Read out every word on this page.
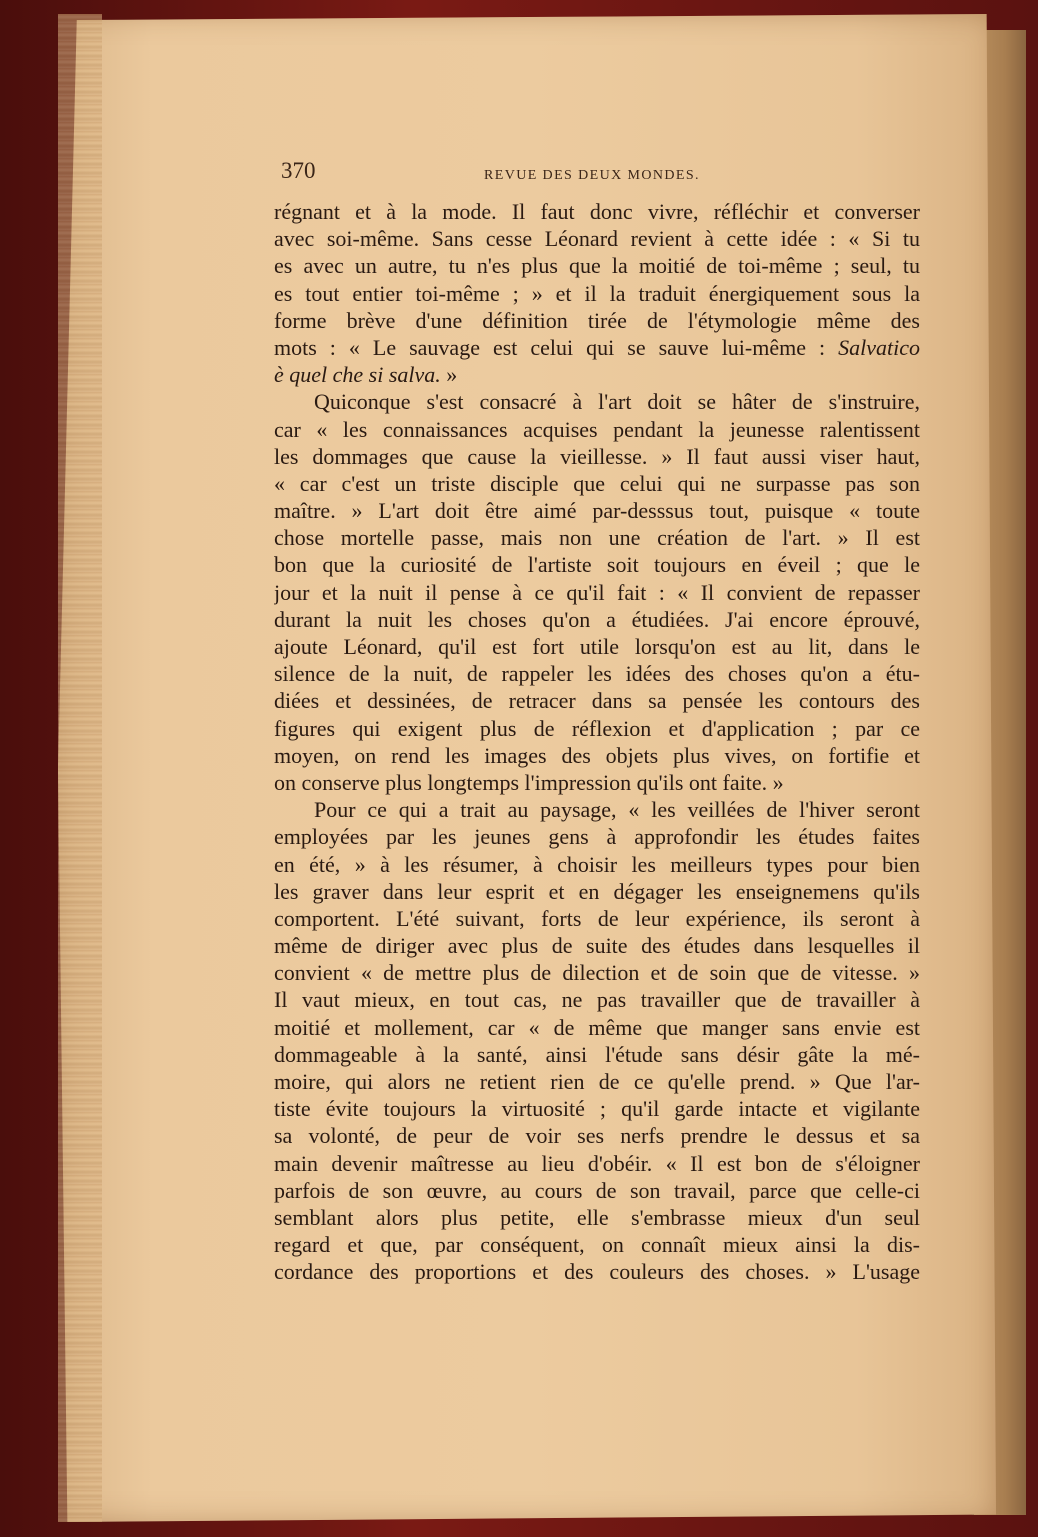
370	REVUE DES DEUX MONDES.
régnant et à la mode. Il faut donc vivre, réfléchir et converser
avec soi-même. Sans cesse Léonard revient à cette idée : « Si tu
es avec un autre, tu n'es plus que la moitié de toi-même ; seul, tu
es tout entier toi-même ; » et il la traduit énergiquement sous la
forme brève d'une définition tirée de l'étymologie même des
mots : « Le sauvage est celui qui se sauve lui-même : Salvatico
è quel che si salva. »
Quiconque s'est consacré à l'art doit se hâter de s'instruire,
car « les connaissances acquises pendant la jeunesse ralentissent
les dommages que cause la vieillesse. » Il faut aussi viser haut,
« car c'est un triste disciple que celui qui ne surpasse pas son
maître. » L'art doit être aimé par-desssus tout, puisque « toute
chose mortelle passe, mais non une création de l'art. » Il est
bon que la curiosité de l'artiste soit toujours en éveil ; que le
jour et la nuit il pense à ce qu'il fait : « Il convient de repasser
durant la nuit les choses qu'on a étudiées. J'ai encore éprouvé,
ajoute Léonard, qu'il est fort utile lorsqu'on est au lit, dans le
silence de la nuit, de rappeler les idées des choses qu'on a étu-
diées et dessinées, de retracer dans sa pensée les contours des
figures qui exigent plus de réflexion et d'application ; par ce
moyen, on rend les images des objets plus vives, on fortifie et
on conserve plus longtemps l'impression qu'ils ont faite. »
Pour ce qui a trait au paysage, « les veillées de l'hiver seront
employées par les jeunes gens à approfondir les études faites
en été, » à les résumer, à choisir les meilleurs types pour bien
les graver dans leur esprit et en dégager les enseignemens qu'ils
comportent. L'été suivant, forts de leur expérience, ils seront à
même de diriger avec plus de suite des études dans lesquelles il
convient « de mettre plus de dilection et de soin que de vitesse. »
Il vaut mieux, en tout cas, ne pas travailler que de travailler à
moitié et mollement, car « de même que manger sans envie est
dommageable à la santé, ainsi l'étude sans désir gâte la mé-
moire, qui alors ne retient rien de ce qu'elle prend. » Que l'ar-
tiste évite toujours la virtuosité ; qu'il garde intacte et vigilante
sa volonté, de peur de voir ses nerfs prendre le dessus et sa
main devenir maîtresse au lieu d'obéir. « Il est bon de s'éloigner
parfois de son œuvre, au cours de son travail, parce que celle-ci
semblant alors plus petite, elle s'embrasse mieux d'un seul
regard et que, par conséquent, on connaît mieux ainsi la dis-
cordance des proportions et des couleurs des choses. » L'usage
